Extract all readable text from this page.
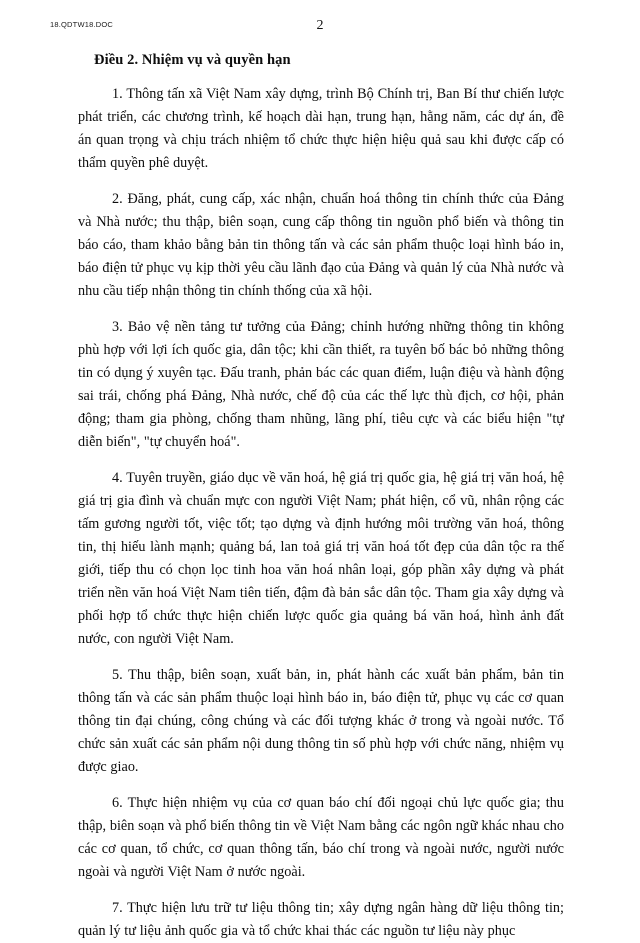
18.QDTW18.DOC	2
Điều 2. Nhiệm vụ và quyền hạn

1. Thông tấn xã Việt Nam xây dựng, trình Bộ Chính trị, Ban Bí thư chiến lược phát triển, các chương trình, kế hoạch dài hạn, trung hạn, hằng năm, các dự án, đề án quan trọng và chịu trách nhiệm tổ chức thực hiện hiệu quả sau khi được cấp có thẩm quyền phê duyệt.

2. Đăng, phát, cung cấp, xác nhận, chuẩn hoá thông tin chính thức của Đảng và Nhà nước; thu thập, biên soạn, cung cấp thông tin nguồn phổ biến và thông tin báo cáo, tham khảo bằng bản tin thông tấn và các sản phẩm thuộc loại hình báo in, báo điện tử phục vụ kịp thời yêu cầu lãnh đạo của Đảng và quản lý của Nhà nước và nhu cầu tiếp nhận thông tin chính thống của xã hội.

3. Bảo vệ nền tảng tư tưởng của Đảng; chỉnh hướng những thông tin không phù hợp với lợi ích quốc gia, dân tộc; khi cần thiết, ra tuyên bố bác bỏ những thông tin có dụng ý xuyên tạc. Đấu tranh, phản bác các quan điểm, luận điệu và hành động sai trái, chống phá Đảng, Nhà nước, chế độ của các thế lực thù địch, cơ hội, phản động; tham gia phòng, chống tham nhũng, lãng phí, tiêu cực và các biểu hiện "tự diễn biến", "tự chuyển hoá".

4. Tuyên truyền, giáo dục về văn hoá, hệ giá trị quốc gia, hệ giá trị văn hoá, hệ giá trị gia đình và chuẩn mực con người Việt Nam; phát hiện, cổ vũ, nhân rộng các tấm gương người tốt, việc tốt; tạo dựng và định hướng môi trường văn hoá, thông tin, thị hiếu lành mạnh; quảng bá, lan toả giá trị văn hoá tốt đẹp của dân tộc ra thế giới, tiếp thu có chọn lọc tinh hoa văn hoá nhân loại, góp phần xây dựng và phát triển nền văn hoá Việt Nam tiên tiến, đậm đà bản sắc dân tộc. Tham gia xây dựng và phối hợp tổ chức thực hiện chiến lược quốc gia quảng bá văn hoá, hình ảnh đất nước, con người Việt Nam.

5. Thu thập, biên soạn, xuất bản, in, phát hành các xuất bản phẩm, bản tin thông tấn và các sản phẩm thuộc loại hình báo in, báo điện tử, phục vụ các cơ quan thông tin đại chúng, công chúng và các đối tượng khác ở trong và ngoài nước. Tổ chức sản xuất các sản phẩm nội dung thông tin số phù hợp với chức năng, nhiệm vụ được giao.

6. Thực hiện nhiệm vụ của cơ quan báo chí đối ngoại chủ lực quốc gia; thu thập, biên soạn và phổ biến thông tin về Việt Nam bằng các ngôn ngữ khác nhau cho các cơ quan, tổ chức, cơ quan thông tấn, báo chí trong và ngoài nước, người nước ngoài và người Việt Nam ở nước ngoài.

7. Thực hiện lưu trữ tư liệu thông tin; xây dựng ngân hàng dữ liệu thông tin; quản lý tư liệu ảnh quốc gia và tổ chức khai thác các nguồn tư liệu này phục
